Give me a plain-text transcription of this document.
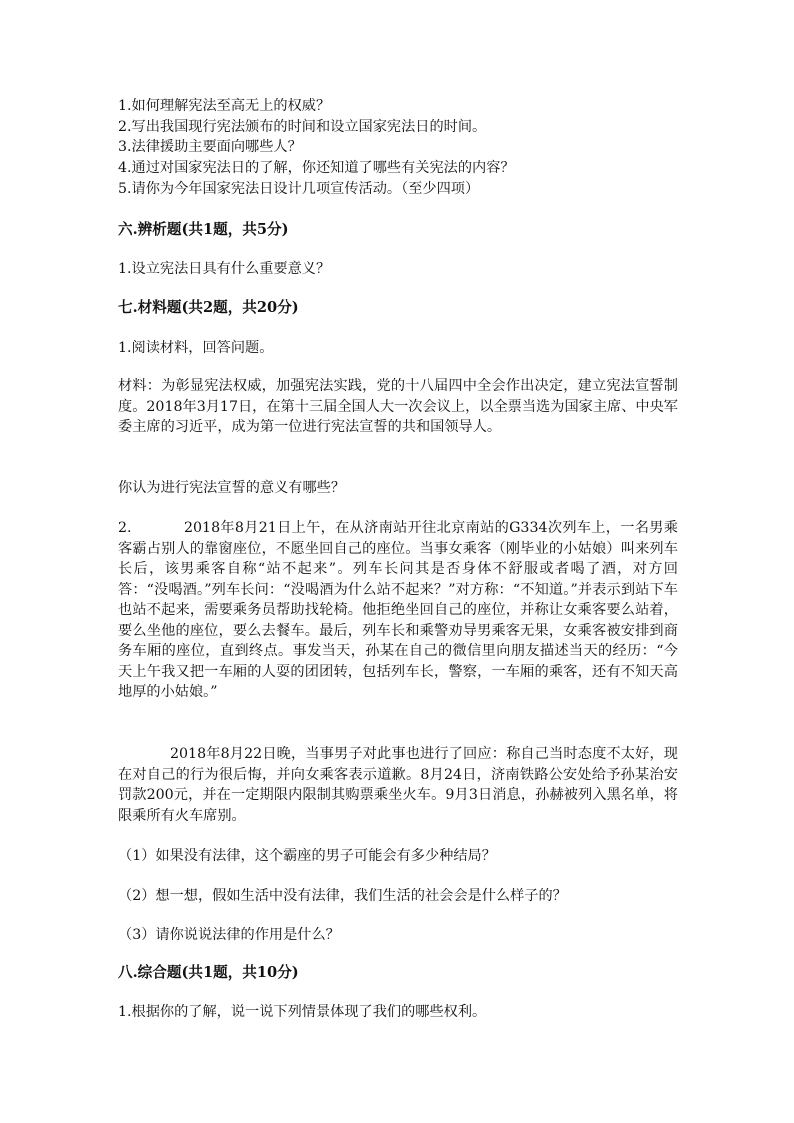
1.如何理解宪法至高无上的权威？
2.写出我国现行宪法颁布的时间和设立国家宪法日的时间。
3.法律援助主要面向哪些人？
4.通过对国家宪法日的了解，你还知道了哪些有关宪法的内容？
5.请你为今年国家宪法日设计几项宣传活动。（至少四项）
六.辨析题(共1题，共5分)
1.设立宪法日具有什么重要意义？
七.材料题(共2题，共20分)
1.阅读材料，回答问题。
材料：为彰显宪法权威，加强宪法实践，党的十八届四中全会作出决定，建立宪法宣誓制度。2018年3月17日，在第十三届全国人大一次会议上，以全票当选为国家主席、中央军委主席的习近平，成为第一位进行宪法宣誓的共和国领导人。
你认为进行宪法宣誓的意义有哪些？
2.	2018年8月21日上午，在从济南站开往北京南站的G334次列车上，一名男乘客霸占别人的靠窗座位，不愿坐回自己的座位。当事女乘客（刚毕业的小姑娘）叫来列车长后，该男乘客自称“站不起来”。列车长问其是否身体不舒服或者喝了酒，对方回答：“没喝酒。”列车长问：“没喝酒为什么站不起来？”对方称：“不知道。”并表示到站下车也站不起来，需要乘务员帮助找轮椅。他拒绝坐回自己的座位，并称让女乘客要么站着，要么坐他的座位，要么去餐车。最后，列车长和乘警劝导男乘客无果，女乘客被安排到商务车厢的座位，直到终点。事发当天，孙某在自己的微信里向朋友描述当天的经历：“今天上午我又把一车厢的人耍的团团转，包括列车长，警察，一车厢的乘客，还有不知天高地厚的小姑娘。”
2018年8月22日晚，当事男子对此事也进行了回应：称自己当时态度不太好，现在对自己的行为很后悔，并向女乘客表示道歉。8月24日，济南铁路公安处给予孙某治安罚款200元，并在一定期限内限制其购票乘坐火车。9月3日消息，孙赫被列入黑名单，将限乘所有火车席别。
（1）如果没有法律，这个霸座的男子可能会有多少种结局？
（2）想一想，假如生活中没有法律，我们生活的社会会是什么样子的？
（3）请你说说法律的作用是什么？
八.综合题(共1题，共10分)
1.根据你的了解，说一说下列情景体现了我们的哪些权利。
